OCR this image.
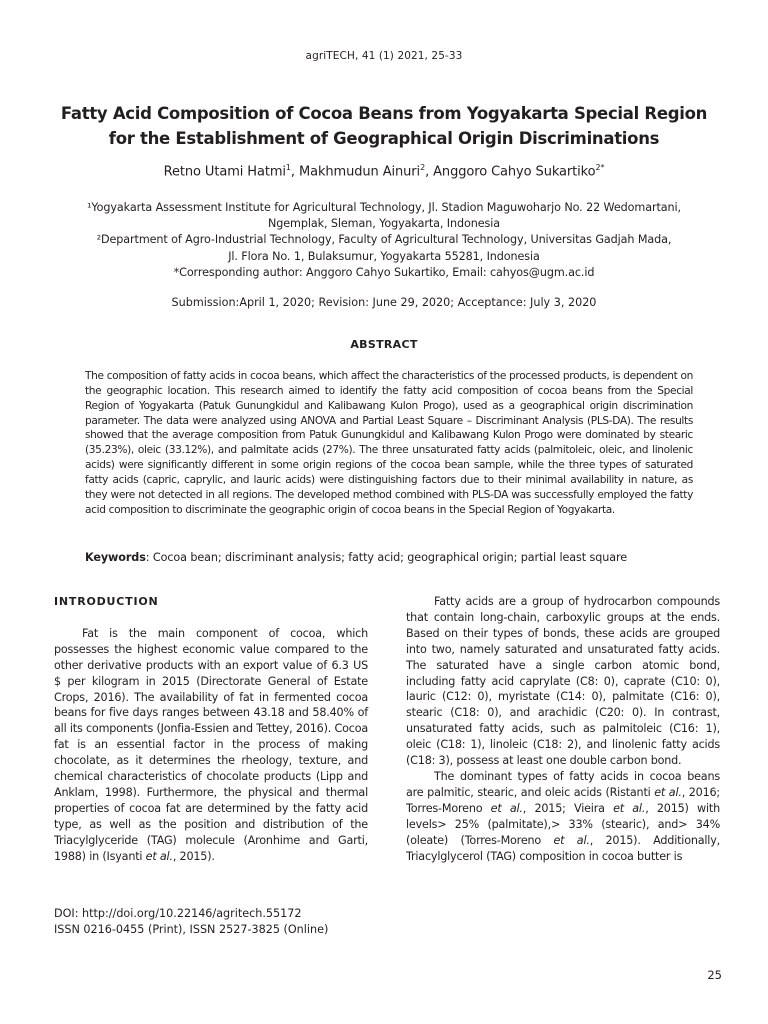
agriTECH, 41 (1) 2021, 25-33
Fatty Acid Composition of Cocoa Beans from Yogyakarta Special Region for the Establishment of Geographical Origin Discriminations
Retno Utami Hatmi$^1$, Makhmudun Ainuri$^2$, Anggoro Cahyo Sukartiko$^{2*}$

¹Yogyakarta Assessment Institute for Agricultural Technology, Jl. Stadion Maguwoharjo No. 22 Wedomartani,

Ngemplak, Sleman, Yogyakarta, Indonesia

²Department of Agro-Industrial Technology, Faculty of Agricultural Technology, Universitas Gadjah Mada,

Jl. Flora No. 1, Bulaksumur, Yogyakarta 55281, Indonesia

*Corresponding author: Anggoro Cahyo Sukartiko, Email: cahyos@ugm.ac.id

Submission:April 1, 2020; Revision: June 29, 2020; Acceptance: July 3, 2020
ABSTRACT
The composition of fatty acids in cocoa beans, which affect the characteristics of the processed products, is dependent on the geographic location. This research aimed to identify the fatty acid composition of cocoa beans from the Special Region of Yogyakarta (Patuk Gunungkidul and Kalibawang Kulon Progo), used as a geographical origin discrimination parameter. The data were analyzed using ANOVA and Partial Least Square – Discriminant Analysis (PLS-DA). The results showed that the average composition from Patuk Gunungkidul and Kalibawang Kulon Progo were dominated by stearic (35.23%), oleic (33.12%), and palmitate acids (27%). The three unsaturated fatty acids (palmitoleic, oleic, and linolenic acids) were significantly different in some origin regions of the cocoa bean sample, while the three types of saturated fatty acids (capric, caprylic, and lauric acids) were distinguishing factors due to their minimal availability in nature, as they were not detected in all regions. The developed method combined with PLS-DA was successfully employed the fatty acid composition to discriminate the geographic origin of cocoa beans in the Special Region of Yogyakarta.
Keywords: Cocoa bean; discriminant analysis; fatty acid; geographical origin; partial least square

INTRODUCTION

Fat is the main component of cocoa, which possesses the highest economic value compared to the other derivative products with an export value of 6.3 US $ per kilogram in 2015 (Directorate General of Estate Crops, 2016). The availability of fat in fermented cocoa beans for five days ranges between 43.18 and 58.40% of all its components (Jonfia-Essien and Tettey, 2016). Cocoa fat is an essential factor in the process of making chocolate, as it determines the rheology, texture, and chemical characteristics of chocolate products (Lipp and Anklam, 1998). Furthermore, the physical and thermal properties of cocoa fat are determined by the fatty acid type, as well as the position and distribution of the Triacylglyceride (TAG) molecule (Aronhime and Garti, 1988) in (Isyanti et al., 2015).

Fatty acids are a group of hydrocarbon compounds that contain long-chain, carboxylic groups at the ends. Based on their types of bonds, these acids are grouped into two, namely saturated and unsaturated fatty acids. The saturated have a single carbon atomic bond, including fatty acid caprylate (C8: 0), caprate (C10: 0), lauric (C12: 0), myristate (C14: 0), palmitate (C16: 0), stearic (C18: 0), and arachidic (C20: 0). In contrast, unsaturated fatty acids, such as palmitoleic (C16: 1), oleic (C18: 1), linoleic (C18: 2), and linolenic fatty acids (C18: 3), possess at least one double carbon bond.

The dominant types of fatty acids in cocoa beans are palmitic, stearic, and oleic acids (Ristanti et al., 2016; Torres-Moreno et al., 2015; Vieira et al., 2015) with levels> 25% (palmitate),> 33% (stearic), and> 34% (oleate) (Torres-Moreno et al., 2015). Additionally, Triacylglycerol (TAG) composition in cocoa butter is

DOI: http://doi.org/10.22146/agritech.55172
ISSN 0216-0455 (Print), ISSN 2527-3825 (Online)
25
